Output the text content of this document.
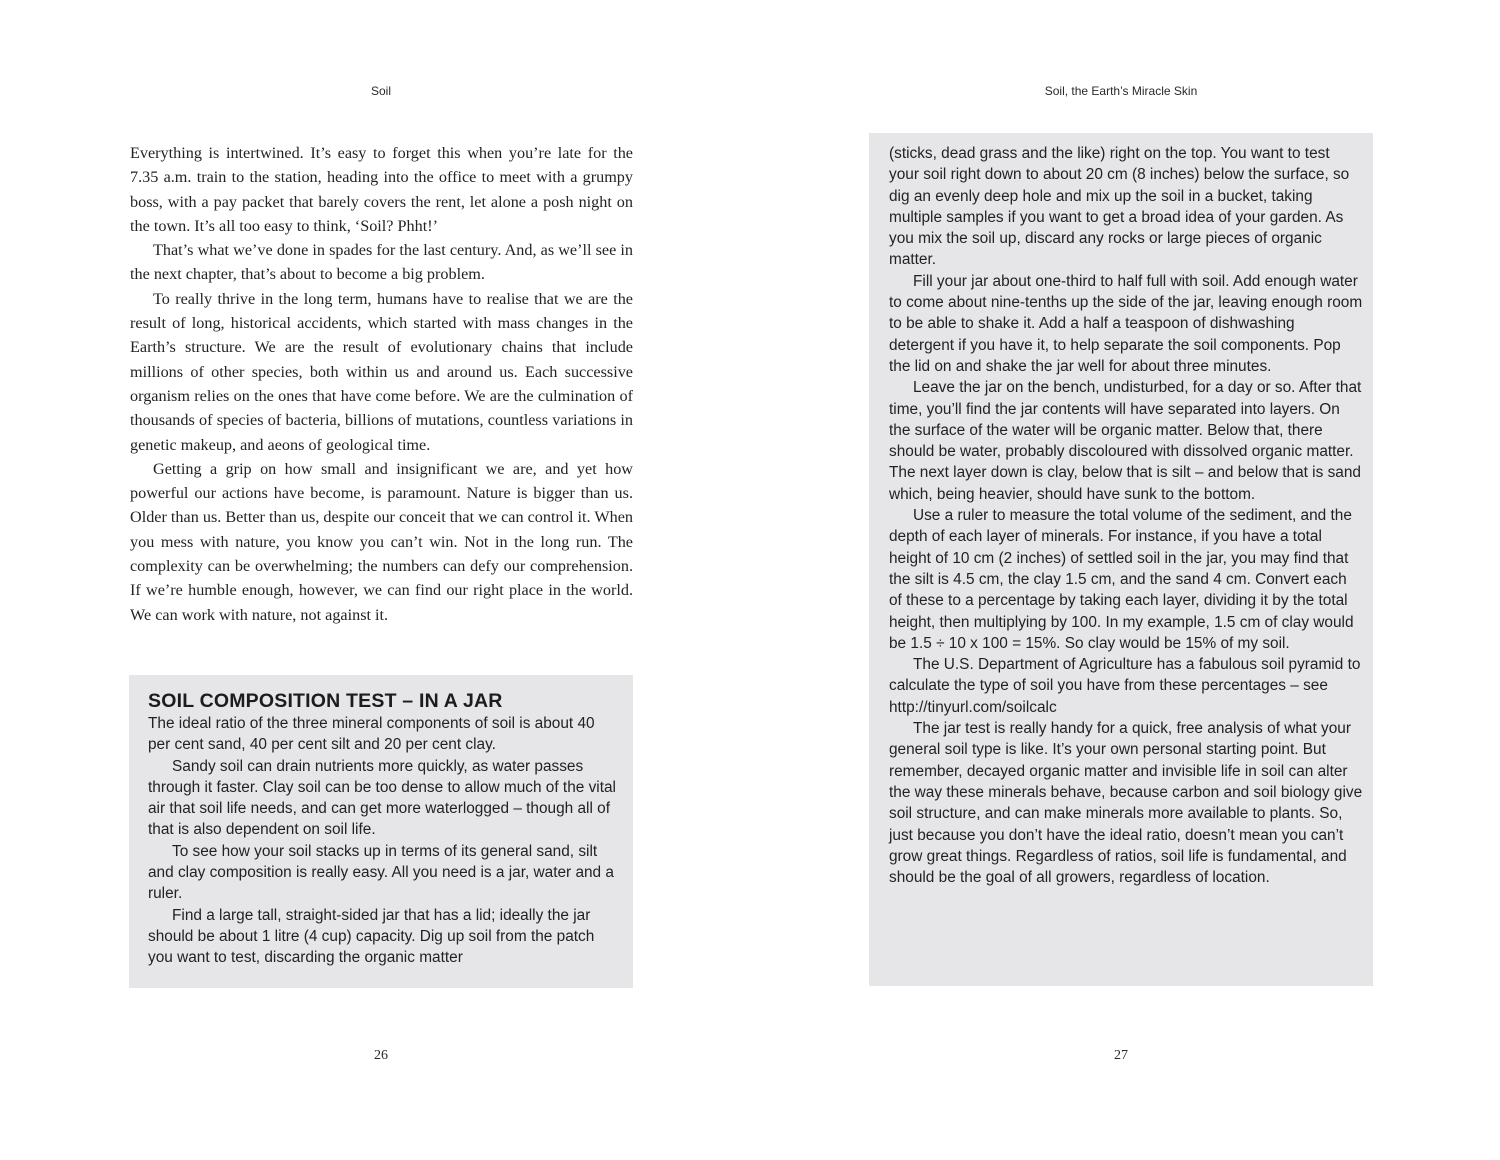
Soil

Everything is intertwined. It’s easy to forget this when you’re late for the 7.35 a.m. train to the station, heading into the office to meet with a grumpy boss, with a pay packet that barely covers the rent, let alone a posh night on the town. It’s all too easy to think, ‘Soil? Phht!’

That’s what we’ve done in spades for the last century. And, as we’ll see in the next chapter, that’s about to become a big problem.

To really thrive in the long term, humans have to realise that we are the result of long, historical accidents, which started with mass changes in the Earth’s structure. We are the result of evolutionary chains that include millions of other species, both within us and around us. Each successive organism relies on the ones that have come before. We are the culmination of thousands of species of bacteria, billions of mutations, countless variations in genetic makeup, and aeons of geological time.

Getting a grip on how small and insignificant we are, and yet how powerful our actions have become, is paramount. Nature is bigger than us. Older than us. Better than us, despite our conceit that we can control it. When you mess with nature, you know you can’t win. Not in the long run. The complexity can be overwhelming; the numbers can defy our comprehension. If we’re humble enough, however, we can find our right place in the world. We can work with nature, not against it.

SOIL COMPOSITION TEST – IN A JAR

The ideal ratio of the three mineral components of soil is about 40 per cent sand, 40 per cent silt and 20 per cent clay.

Sandy soil can drain nutrients more quickly, as water passes through it faster. Clay soil can be too dense to allow much of the vital air that soil life needs, and can get more waterlogged – though all of that is also dependent on soil life.

To see how your soil stacks up in terms of its general sand, silt and clay composition is really easy. All you need is a jar, water and a ruler.

Find a large tall, straight-sided jar that has a lid; ideally the jar should be about 1 litre (4 cup) capacity. Dig up soil from the patch you want to test, discarding the organic matter

26
Soil, the Earth’s Miracle Skin

(sticks, dead grass and the like) right on the top. You want to test your soil right down to about 20 cm (8 inches) below the surface, so dig an evenly deep hole and mix up the soil in a bucket, taking multiple samples if you want to get a broad idea of your garden. As you mix the soil up, discard any rocks or large pieces of organic matter.

Fill your jar about one-third to half full with soil. Add enough water to come about nine-tenths up the side of the jar, leaving enough room to be able to shake it. Add a half a teaspoon of dishwashing detergent if you have it, to help separate the soil components. Pop the lid on and shake the jar well for about three minutes.

Leave the jar on the bench, undisturbed, for a day or so. After that time, you’ll find the jar contents will have separated into layers. On the surface of the water will be organic matter. Below that, there should be water, probably discoloured with dissolved organic matter. The next layer down is clay, below that is silt – and below that is sand which, being heavier, should have sunk to the bottom.

Use a ruler to measure the total volume of the sediment, and the depth of each layer of minerals. For instance, if you have a total height of 10 cm (2 inches) of settled soil in the jar, you may find that the silt is 4.5 cm, the clay 1.5 cm, and the sand 4 cm. Convert each of these to a percentage by taking each layer, dividing it by the total height, then multiplying by 100. In my example, 1.5 cm of clay would be 1.5 ÷ 10 x 100 = 15%. So clay would be 15% of my soil.

The U.S. Department of Agriculture has a fabulous soil pyramid to calculate the type of soil you have from these percentages – see http://tinyurl.com/soilcalc

The jar test is really handy for a quick, free analysis of what your general soil type is like. It’s your own personal starting point. But remember, decayed organic matter and invisible life in soil can alter the way these minerals behave, because carbon and soil biology give soil structure, and can make minerals more available to plants. So, just because you don’t have the ideal ratio, doesn’t mean you can’t grow great things. Regardless of ratios, soil life is fundamental, and should be the goal of all growers, regardless of location.

27
